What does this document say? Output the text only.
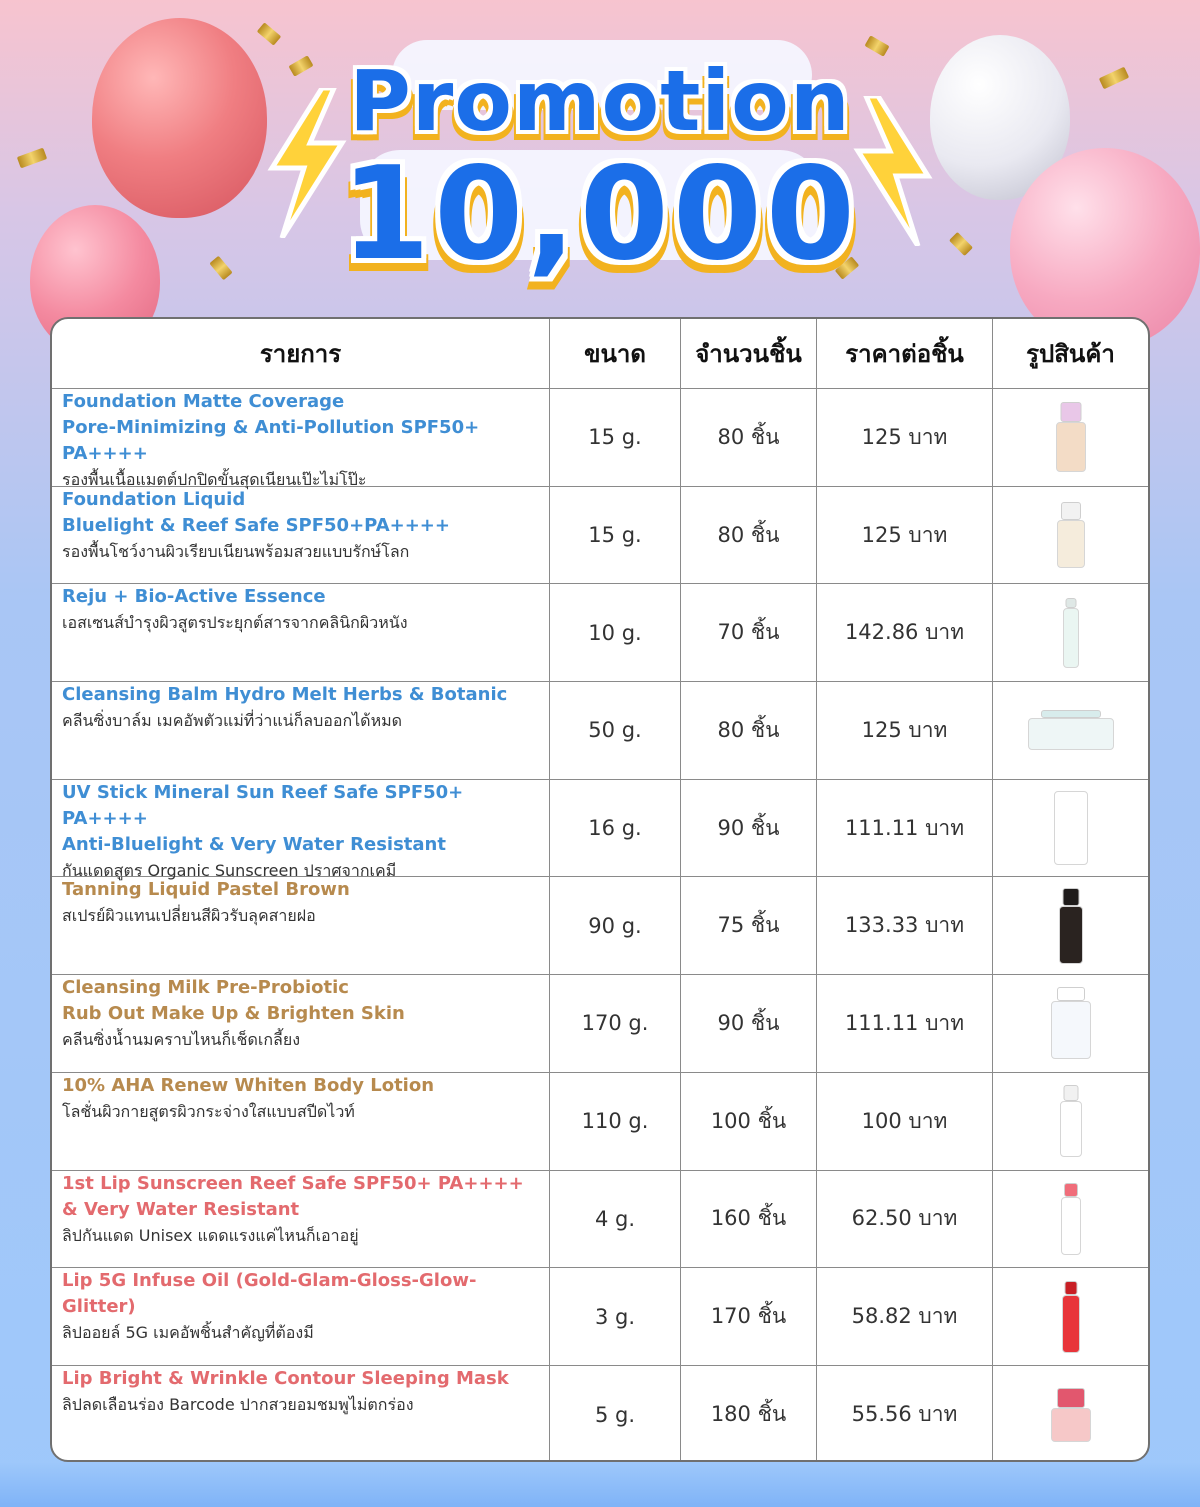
Promotion
10,000
รายการ	ขนาด	จำนวนชิ้น	ราคาต่อชิ้น	รูปสินค้า
Foundation Matte Coverage
Pore-Minimizing & Anti-Pollution SPF50+ PA++++
รองพื้นเนื้อแมตต์ปกปิดขั้นสุดเนียนเป๊ะไม่โป๊ะ
15 g.	80 ชิ้น	125 บาท
Foundation Liquid
Bluelight & Reef Safe SPF50+PA++++
รองพื้นโชว์งานผิวเรียบเนียนพร้อมสวยแบบรักษ์โลก
15 g.	80 ชิ้น	125 บาท
Reju + Bio-Active Essence
เอสเซนส์บำรุงผิวสูตรประยุกต์สารจากคลินิกผิวหนัง	10 g.	70 ชิ้น	142.86 บาท
Cleansing Balm Hydro Melt Herbs & Botanic
คลีนซิ่งบาล์ม เมคอัพตัวแม่ที่ว่าแน่ก็ลบออกได้หมด	50 g.	80 ชิ้น	125 บาท
UV Stick Mineral Sun Reef Safe SPF50+ PA++++
Anti-Bluelight & Very Water Resistant
กันแดดสูตร Organic Sunscreen ปราศจากเคมี
16 g.	90 ชิ้น	111.11 บาท
Tanning Liquid Pastel Brown
สเปรย์ผิวแทนเปลี่ยนสีผิวรับลุคสายฝอ	90 g.	75 ชิ้น	133.33 บาท
Cleansing Milk Pre-Probiotic
Rub Out Make Up & Brighten Skin
คลีนซิ่งน้ำนมคราบไหนก็เช็ดเกลี้ยง
170 g.	90 ชิ้น	111.11 บาท
10% AHA Renew Whiten Body Lotion
โลชั่นผิวกายสูตรผิวกระจ่างใสแบบสปีดไวท์	110 g.	100 ชิ้น	100 บาท
1st Lip Sunscreen Reef Safe SPF50+ PA++++
& Very Water Resistant
ลิปกันแดด Unisex แดดแรงแค่ไหนก็เอาอยู่
4 g.	160 ชิ้น	62.50 บาท
Lip 5G Infuse Oil (Gold-Glam-Gloss-Glow-Glitter)
ลิปออยล์ 5G เมคอัพชิ้นสำคัญที่ต้องมี
3 g.	170 ชิ้น	58.82 บาท
Lip Bright & Wrinkle Contour Sleeping Mask
ลิปลดเลือนร่อง Barcode ปากสวยอมชมพูไม่ตกร่อง	5 g.	180 ชิ้น	55.56 บาท
